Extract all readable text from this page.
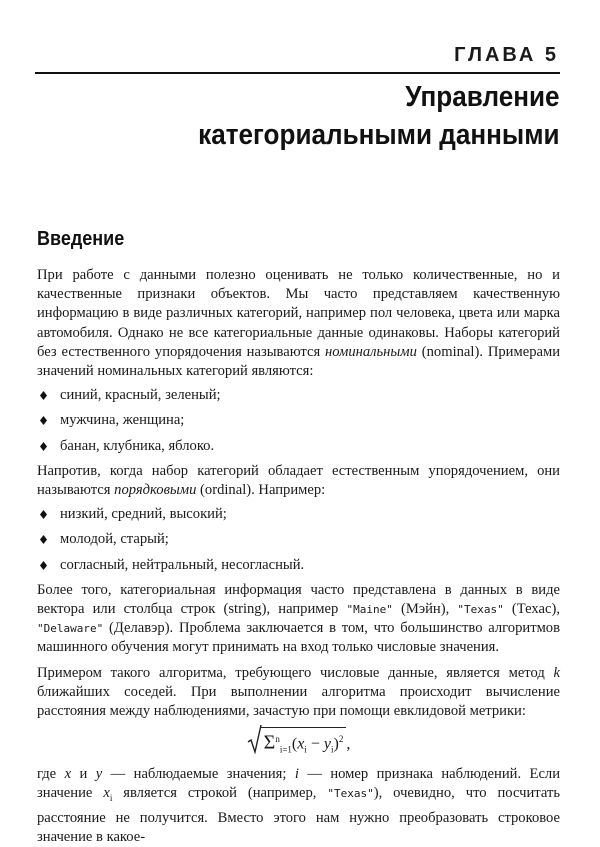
ГЛАВА 5
Управление
категориальными данными
Введение

При работе с данными полезно оценивать не только количественные, но и качественные признаки объектов. Мы часто представляем качественную информацию в виде различных категорий, например пол человека, цвета или марка автомобиля. Однако не все категориальные данные одинаковы. Наборы категорий без естественного упорядочения называются номинальными (nominal). Примерами значений номинальных категорий являются:

синий, красный, зеленый;
мужчина, женщина;
банан, клубника, яблоко.

Напротив, когда набор категорий обладает естественным упорядочением, они называются порядковыми (ordinal). Например:

низкий, средний, высокий;
молодой, старый;
согласный, нейтральный, несогласный.

Более того, категориальная информация часто представлена в данных в виде вектора или столбца строк (string), например "Maine" (Мэйн), "Texas" (Техас), "Delaware" (Делавэр). Проблема заключается в том, что большинство алгоритмов машинного обучения могут принимать на вход только числовые значения.

Примером такого алгоритма, требующего числовые данные, является метод k ближайших соседей. При выполнении алгоритма происходит вычисление расстояния между наблюдениями, зачастую при помощи евклидовой метрики:

$\Sigma^n_{i=1}(x_i - y_i)^2$ ,

где x и y — наблюдаемые значения; i — номер признака наблюдений. Если значение $x_i$ является строкой (например, "Texas"), очевидно, что посчитать расстояние не получится. Вместо этого нам нужно преобразовать строковое значение в какое-
